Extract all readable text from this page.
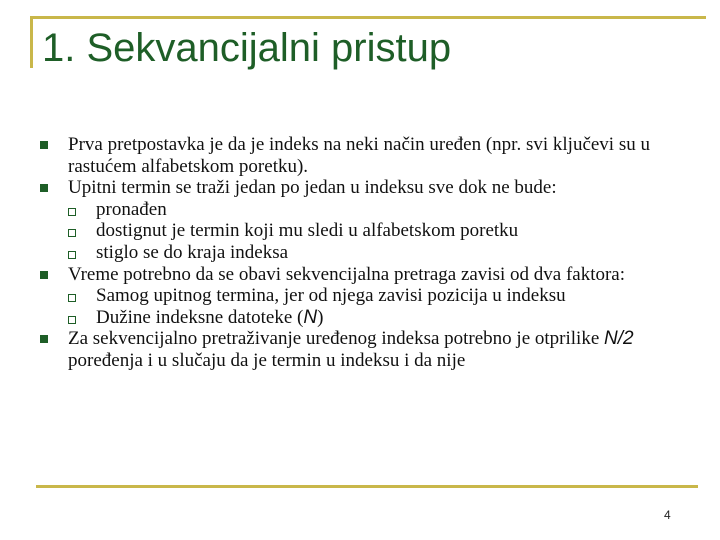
1. Sekvancijalni pristup
Prva pretpostavka je da je indeks na neki način uređen (npr. svi ključevi su u rastućem alfabetskom poretku).
Upitni termin se traži jedan po jedan u indeksu sve dok ne bude:
pronađen
dostignut je termin koji mu sledi u alfabetskom poretku
stiglo se do kraja indeksa
Vreme potrebno da se obavi sekvencijalna pretraga zavisi od dva faktora:
Samog upitnog termina, jer od njega zavisi pozicija u indeksu
Dužine indeksne datoteke (N)
Za sekvencijalno pretraživanje uređenog indeksa potrebno je otprilike N/2 poređenja i u slučaju da je termin u indeksu i da nije
4
